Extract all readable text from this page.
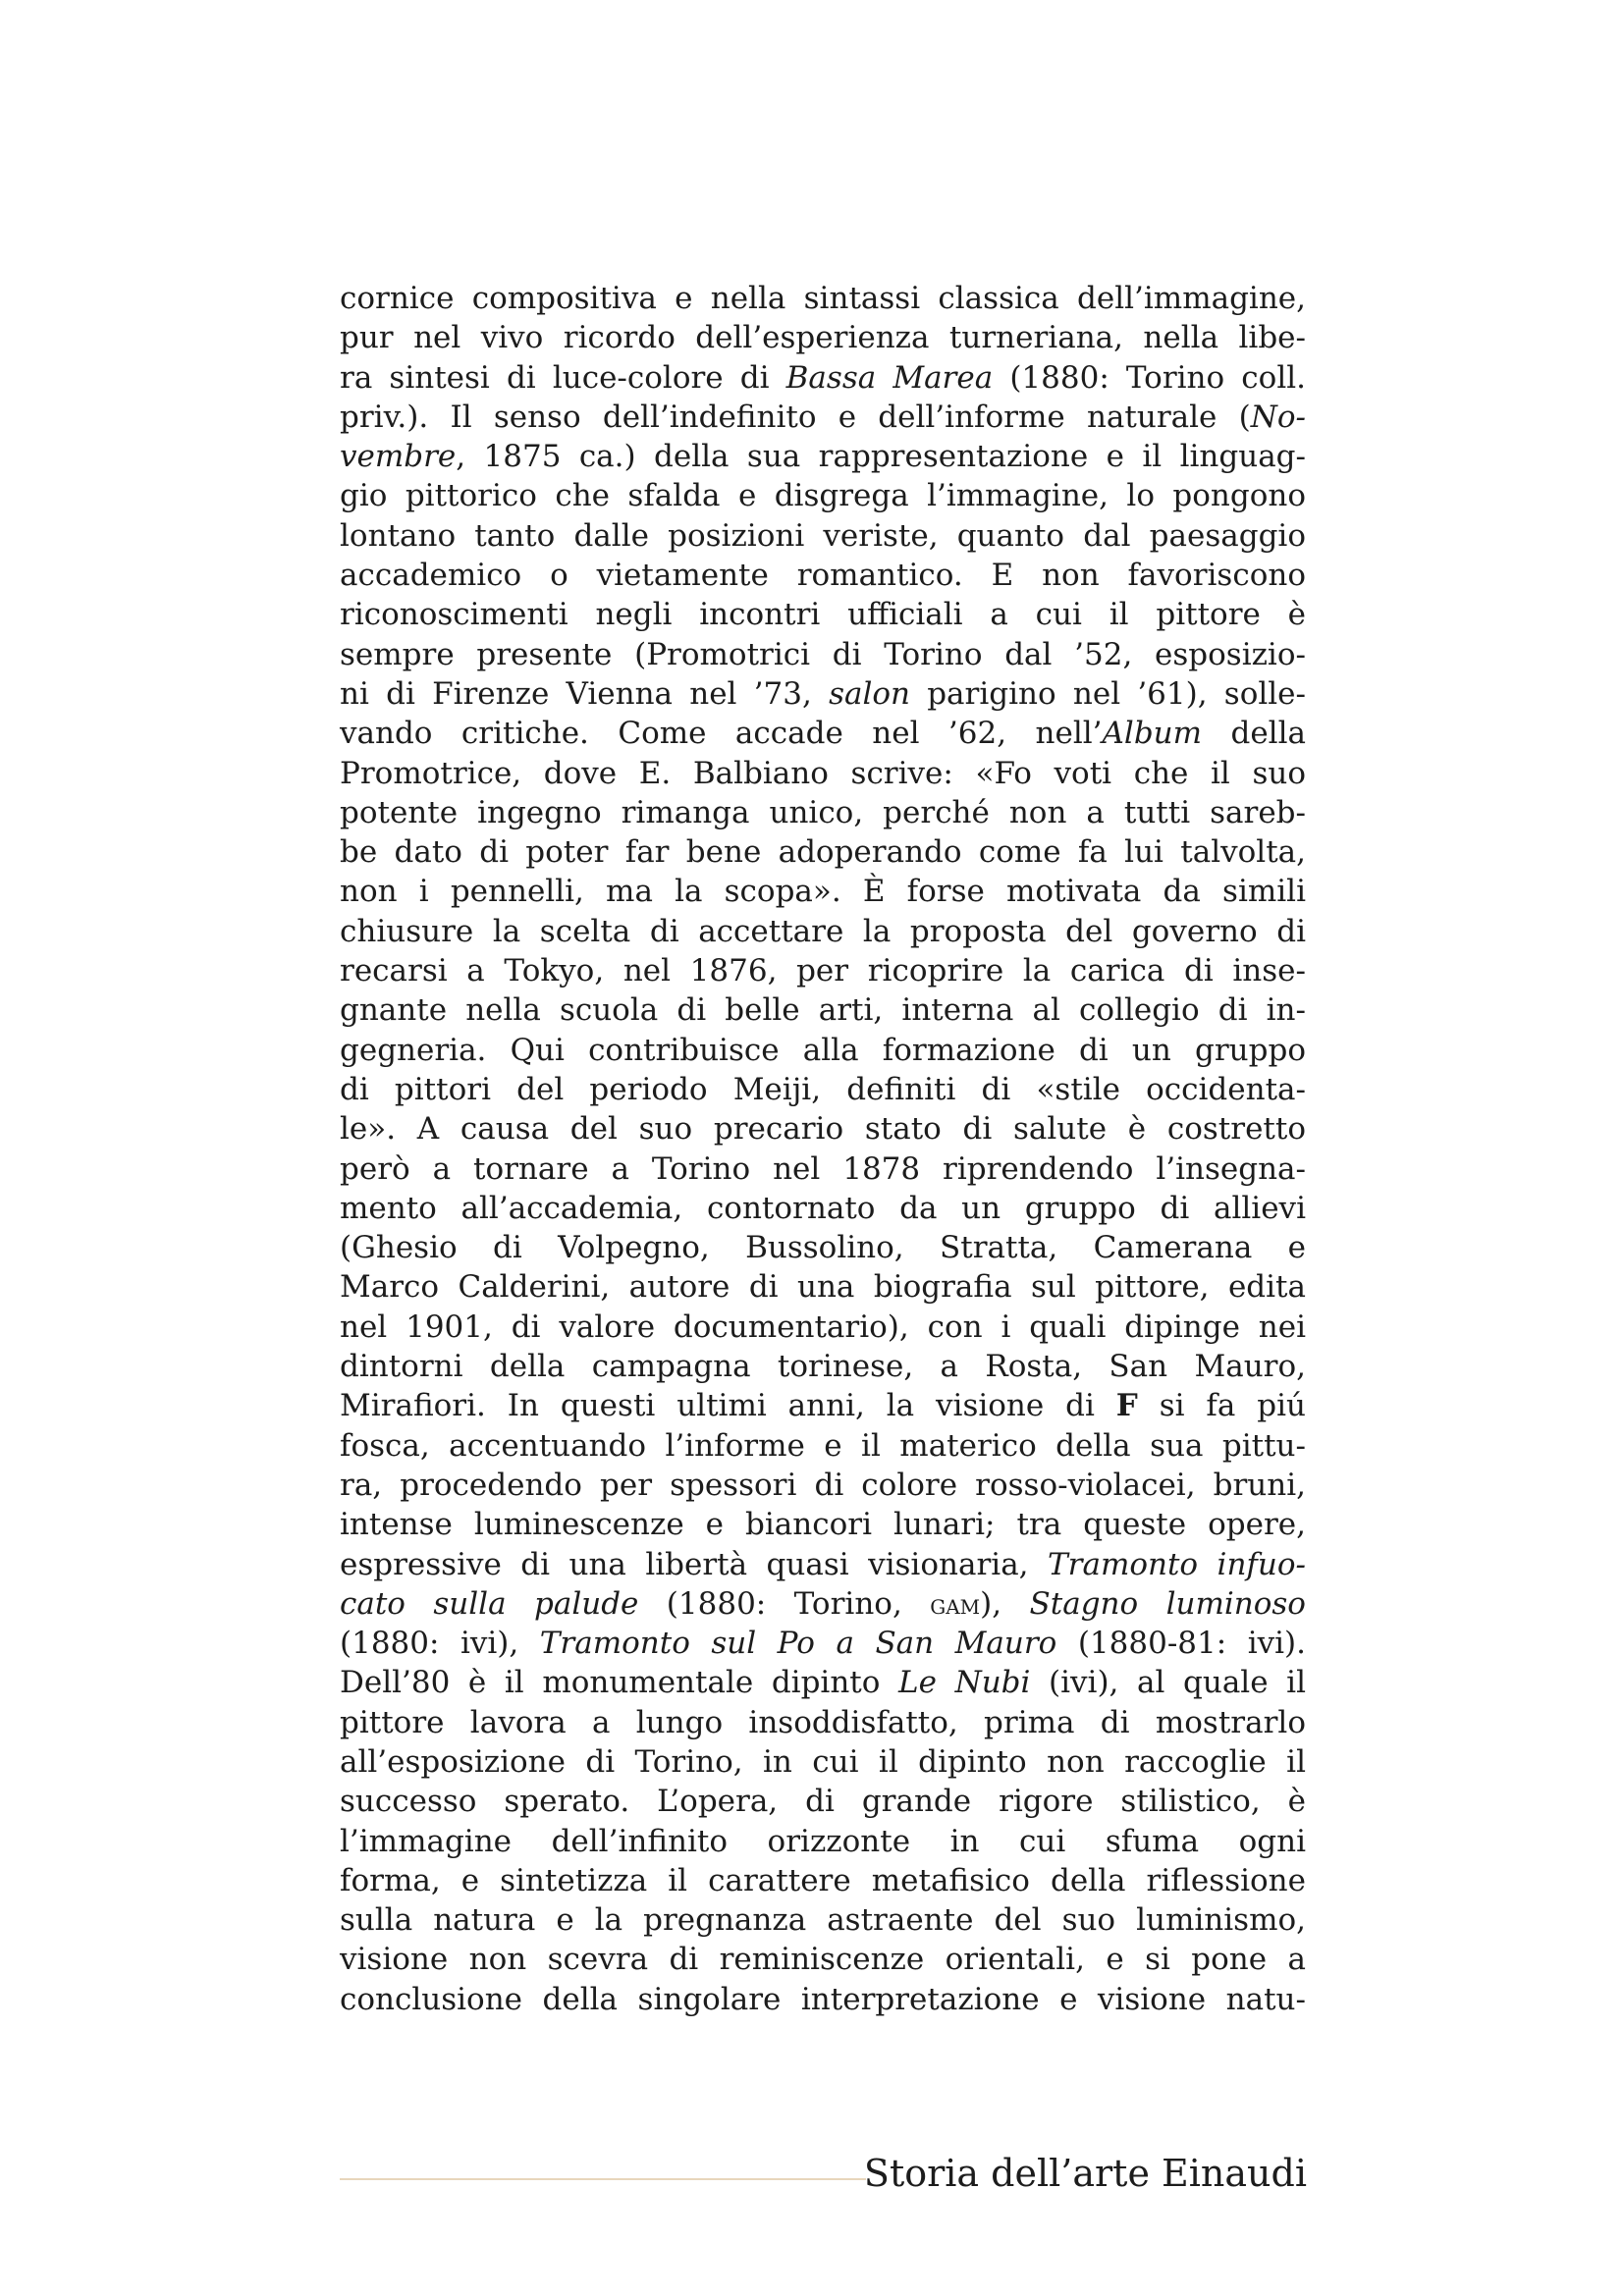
cornice compositiva e nella sintassi classica dell’immagine,
pur nel vivo ricordo dell’esperienza turneriana, nella libe-
ra sintesi di luce-colore di Bassa Marea (1880: Torino coll.
priv.). Il senso dell’indefinito e dell’informe naturale (No-
vembre, 1875 ca.) della sua rappresentazione e il linguag-
gio pittorico che sfalda e disgrega l’immagine, lo pongono
lontano tanto dalle posizioni veriste, quanto dal paesaggio
accademico o vietamente romantico. E non favoriscono
riconoscimenti negli incontri ufficiali a cui il pittore è
sempre presente (Promotrici di Torino dal ’52, esposizio-
ni di Firenze Vienna nel ’73, salon parigino nel ’61), solle-
vando critiche. Come accade nel ’62, nell’Album della
Promotrice, dove E. Balbiano scrive: «Fo voti che il suo
potente ingegno rimanga unico, perché non a tutti sareb-
be dato di poter far bene adoperando come fa lui talvolta,
non i pennelli, ma la scopa». È forse motivata da simili
chiusure la scelta di accettare la proposta del governo di
recarsi a Tokyo, nel 1876, per ricoprire la carica di inse-
gnante nella scuola di belle arti, interna al collegio di in-
gegneria. Qui contribuisce alla formazione di un gruppo
di pittori del periodo Meiji, definiti di «stile occidenta-
le». A causa del suo precario stato di salute è costretto
però a tornare a Torino nel 1878 riprendendo l’insegna-
mento all’accademia, contornato da un gruppo di allievi
(Ghesio di Volpegno, Bussolino, Stratta, Camerana e
Marco Calderini, autore di una biografia sul pittore, edita
nel 1901, di valore documentario), con i quali dipinge nei
dintorni della campagna torinese, a Rosta, San Mauro,
Mirafiori. In questi ultimi anni, la visione di F si fa piú
fosca, accentuando l’informe e il materico della sua pittu-
ra, procedendo per spessori di colore rosso-violacei, bruni,
intense luminescenze e biancori lunari; tra queste opere,
espressive di una libertà quasi visionaria, Tramonto infuo-
cato sulla palude (1880: Torino, gam), Stagno luminoso
(1880: ivi), Tramonto sul Po a San Mauro (1880-81: ivi).
Dell’80 è il monumentale dipinto Le Nubi (ivi), al quale il
pittore lavora a lungo insoddisfatto, prima di mostrarlo
all’esposizione di Torino, in cui il dipinto non raccoglie il
successo sperato. L’opera, di grande rigore stilistico, è
l’immagine dell’infinito orizzonte in cui sfuma ogni
forma, e sintetizza il carattere metafisico della riflessione
sulla natura e la pregnanza astraente del suo luminismo,
visione non scevra di reminiscenze orientali, e si pone a
conclusione della singolare interpretazione e visione natu-
Storia dell’arte Einaudi
